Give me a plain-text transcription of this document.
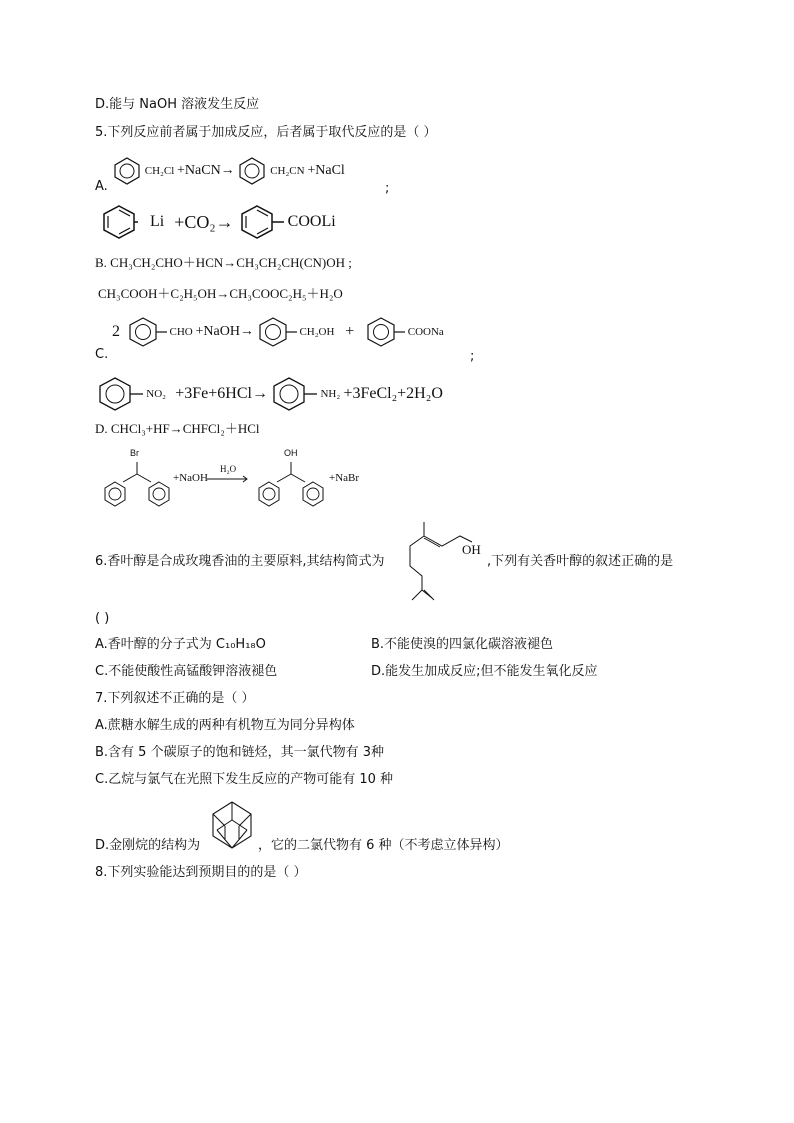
D.能与 NaOH 溶液发生反应
5.下列反应前者属于加成反应，后者属于取代反应的是（ ）
CH₂Cl +NaCN→	CH₂CN +NaCl
A.	;
Li +CO₂→	COOLi
B. CH₃CH₂CHO＋HCN→CH₃CH₂CH(CN)OH ;
CH₃COOH＋C₂H₅OH→CH₃COOC₂H₅＋H₂O
2	CHO +NaOH→	CH₂OH +	COONa
C.	;
NO₂ +3Fe+6HCl→	NH₂ +3FeCl₂+2H₂O
D. CHCl₃+HF→CHFCl₂＋HCl
Br
+NaOH
H₂O
OH
+NaBr
6.香叶醇是合成玫瑰香油的主要原料,其结构简式为
OH
,下列有关香叶醇的叙述正确的是
( )
A.香叶醇的分子式为 C₁₀H₁₈O	B.不能使溴的四氯化碳溶液褪色
C.不能使酸性高锰酸钾溶液褪色	D.能发生加成反应;但不能发生氧化反应
7.下列叙述不正确的是（ ）
A.蔗糖水解生成的两种有机物互为同分异构体
B.含有 5 个碳原子的饱和链烃，其一氯代物有 3种
C.乙烷与氯气在光照下发生反应的产物可能有 10 种
D.金刚烷的结构为	，它的二氯代物有 6 种（不考虑立体异构）
8.下列实验能达到预期目的的是（ ）
